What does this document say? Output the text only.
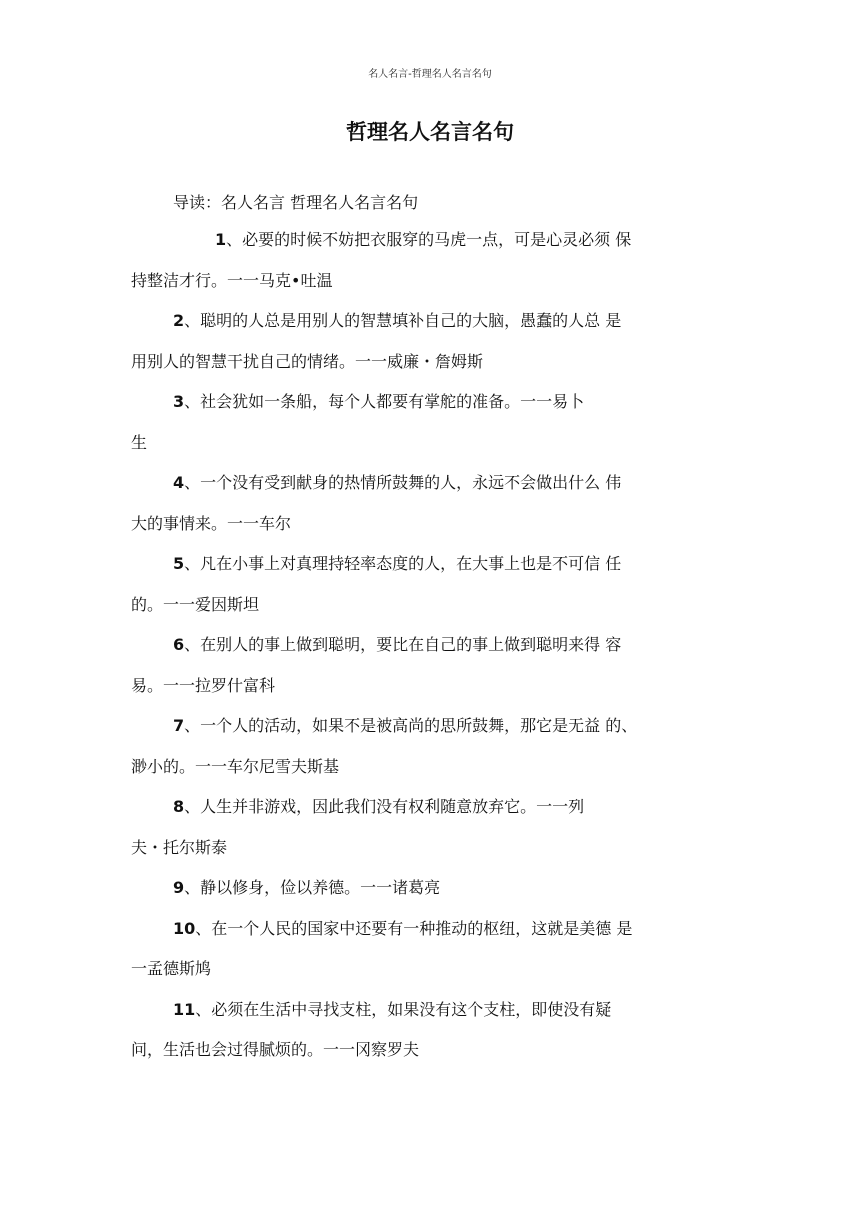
名人名言-哲理名人名言名句
哲理名人名言名句
导读：名人名言 哲理名人名言名句
1、必要的时候不妨把衣服穿的马虎一点，可是心灵必须 保
持整洁才行。一一马克•吐温
2、聪明的人总是用别人的智慧填补自己的大脑，愚蠢的人总 是
用别人的智慧干扰自己的情绪。一一威廉・詹姆斯
3、社会犹如一条船，每个人都要有掌舵的准备。一一易卜
生
4、一个没有受到献身的热情所鼓舞的人，永远不会做出什么 伟
大的事情来。一一车尔
5、凡在小事上对真理持轻率态度的人，在大事上也是不可信 任
的。一一爱因斯坦
6、在别人的事上做到聪明，要比在自己的事上做到聪明来得 容
易。一一拉罗什富科
7、一个人的活动，如果不是被高尚的思所鼓舞，那它是无益 的、
渺小的。一一车尔尼雪夫斯基
8、人生并非游戏，因此我们没有权利随意放弃它。一一列
夫・托尔斯泰
9、静以修身，俭以养德。一一诸葛亮
10、在一个人民的国家中还要有一种推动的枢纽，这就是美德 是
一孟德斯鸠
11、必须在生活中寻找支柱，如果没有这个支柱，即使没有疑
问，生活也会过得腻烦的。一一冈察罗夫
